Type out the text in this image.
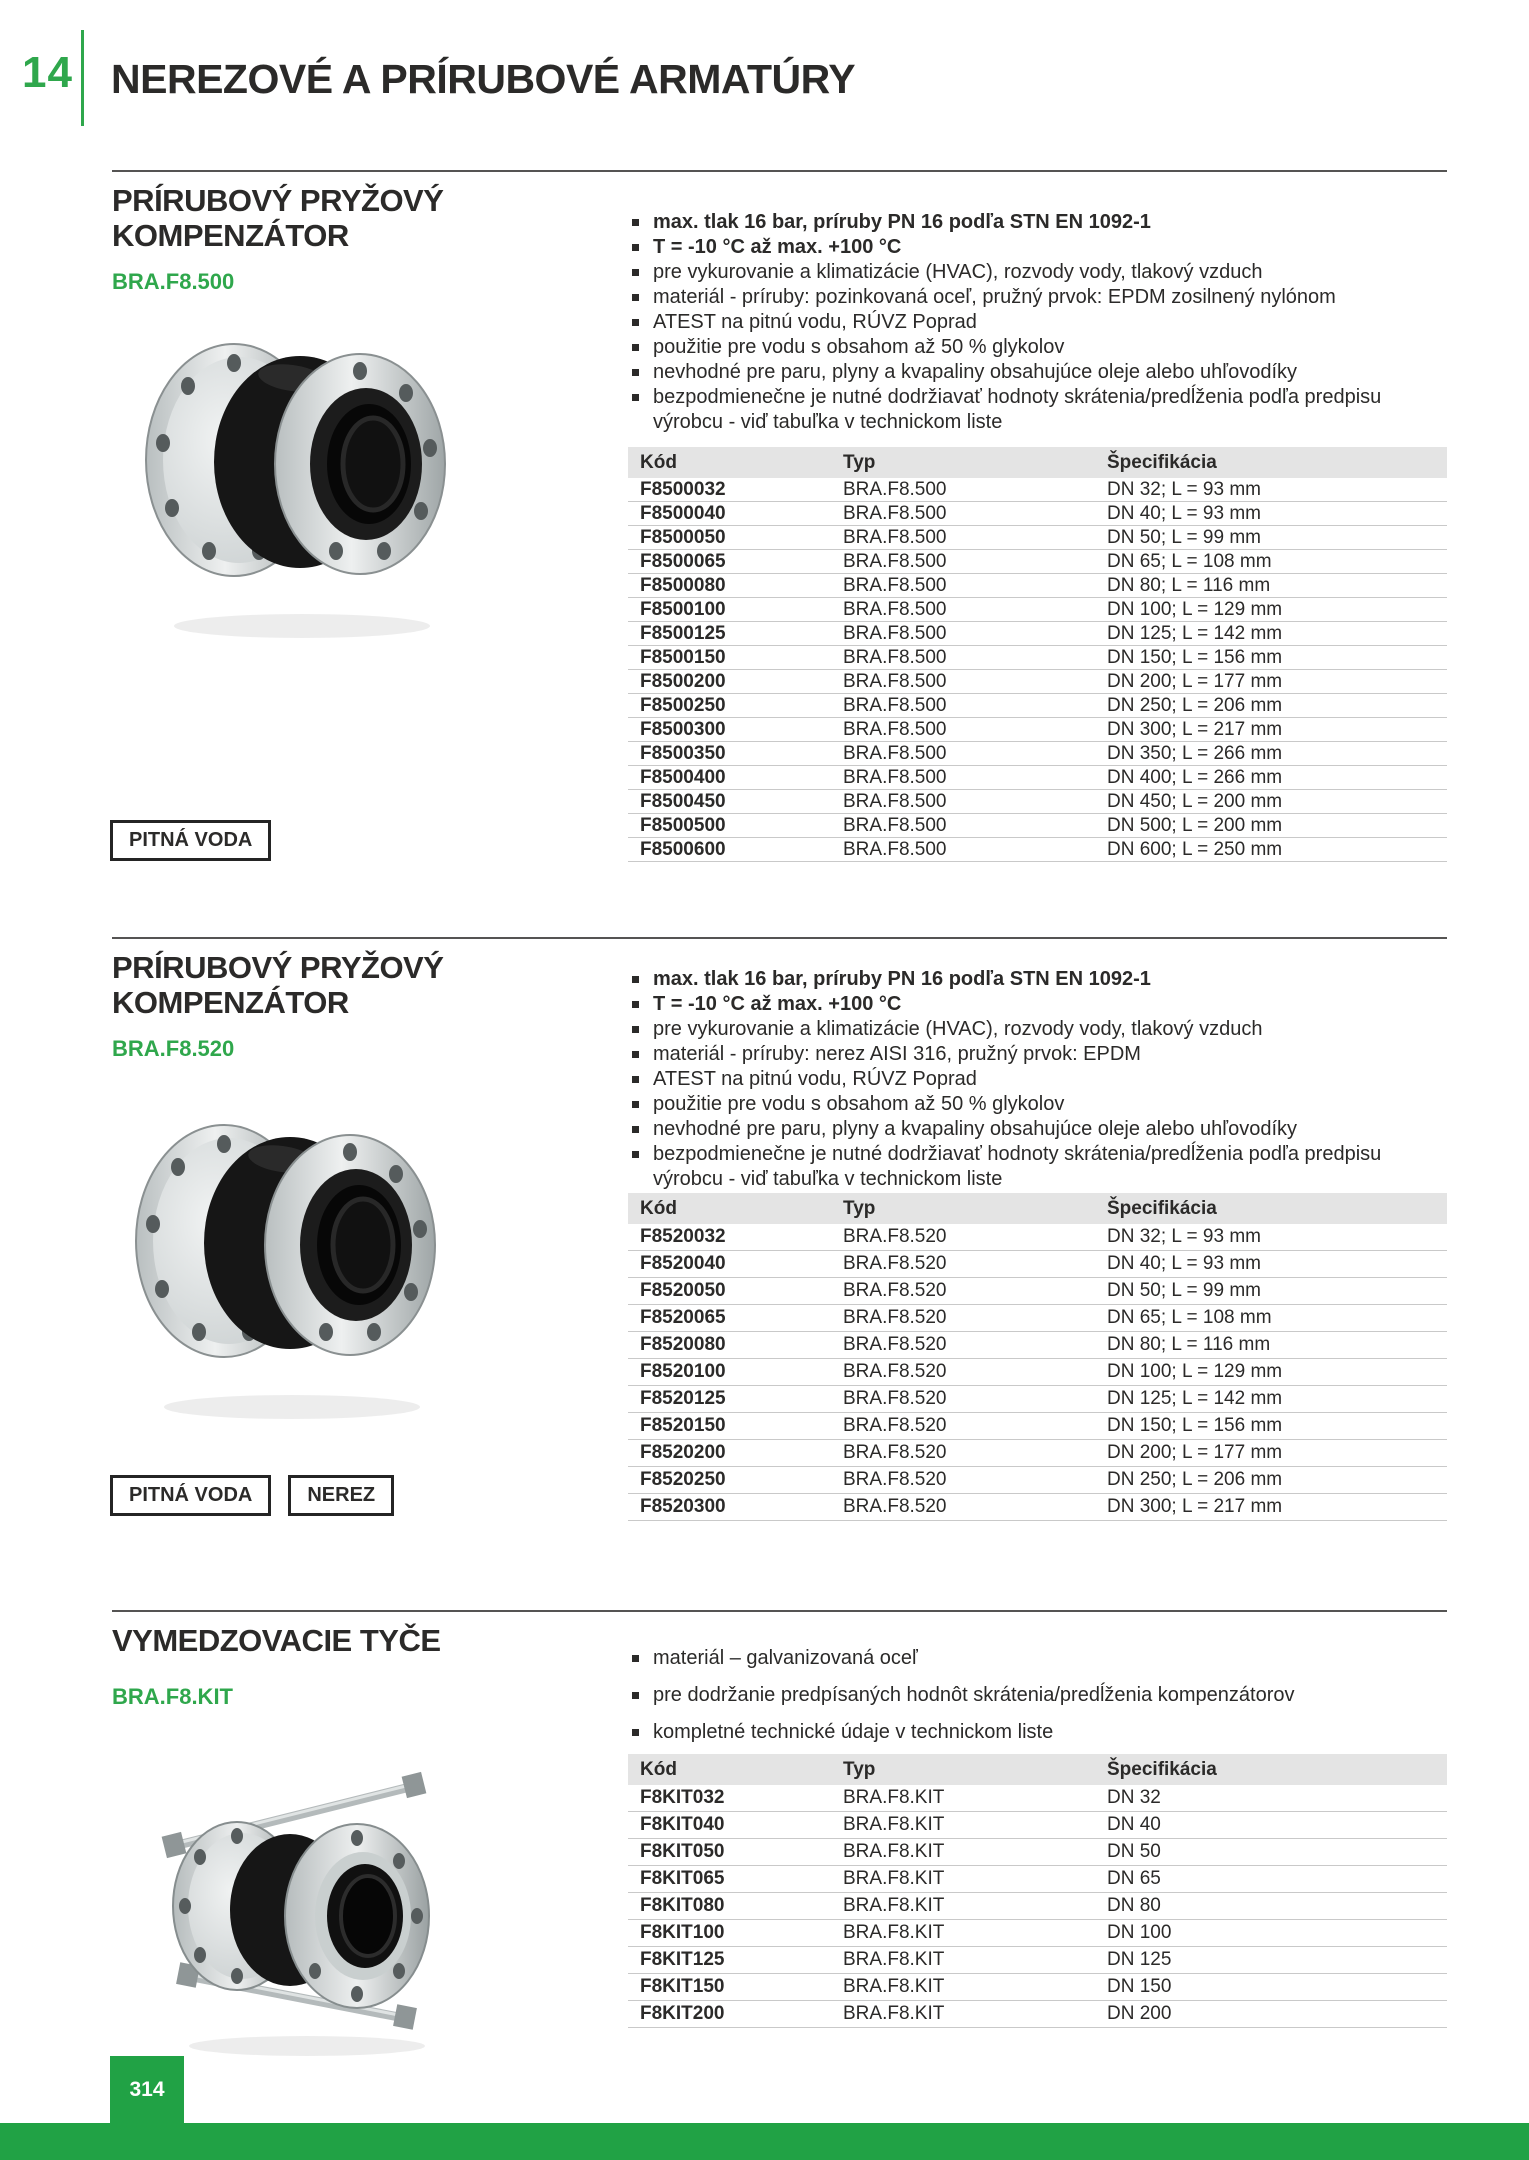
14 NEREZOVÉ A PRÍRUBOVÉ ARMATÚRY
PRÍRUBOVÝ PRYŽOVÝ
KOMPENZÁTOR
BRA.F8.500
max. tlak 16 bar, príruby PN 16 podľa STN EN 1092-1
T = -10 °C až max. +100 °C
pre vykurovanie a klimatizácie (HVAC), rozvody vody, tlakový vzduch
materiál - príruby: pozinkovaná oceľ, pružný prvok: EPDM zosilnený nylónom
ATEST na pitnú vodu, RÚVZ Poprad
použitie pre vodu s obsahom až 50 % glykolov
nevhodné pre paru, plyny a kvapaliny obsahujúce oleje alebo uhľovodíky
bezpodmienečne je nutné dodržiavať hodnoty skrátenia/predĺženia podľa predpisu výrobcu - viď tabuľka v technickom liste
Kód	Typ	Špecifikácia
F8500032	BRA.F8.500	DN 32; L = 93 mm
F8500040	BRA.F8.500	DN 40; L = 93 mm
F8500050	BRA.F8.500	DN 50; L = 99 mm
F8500065	BRA.F8.500	DN 65; L = 108 mm
F8500080	BRA.F8.500	DN 80; L = 116 mm
F8500100	BRA.F8.500	DN 100; L = 129 mm
F8500125	BRA.F8.500	DN 125; L = 142 mm
F8500150	BRA.F8.500	DN 150; L = 156 mm
F8500200	BRA.F8.500	DN 200; L = 177 mm
F8500250	BRA.F8.500	DN 250; L = 206 mm
F8500300	BRA.F8.500	DN 300; L = 217 mm
F8500350	BRA.F8.500	DN 350; L = 266 mm
F8500400	BRA.F8.500	DN 400; L = 266 mm
F8500450	BRA.F8.500	DN 450; L = 200 mm
F8500500	BRA.F8.500	DN 500; L = 200 mm
F8500600	BRA.F8.500	DN 600; L = 250 mm
PITNÁ VODA
PRÍRUBOVÝ PRYŽOVÝ
KOMPENZÁTOR
BRA.F8.520
max. tlak 16 bar, príruby PN 16 podľa STN EN 1092-1
T = -10 °C až max. +100 °C
pre vykurovanie a klimatizácie (HVAC), rozvody vody, tlakový vzduch
materiál - príruby: nerez AISI 316, pružný prvok: EPDM
ATEST na pitnú vodu, RÚVZ Poprad
použitie pre vodu s obsahom až 50 % glykolov
nevhodné pre paru, plyny a kvapaliny obsahujúce oleje alebo uhľovodíky
bezpodmienečne je nutné dodržiavať hodnoty skrátenia/predĺženia podľa predpisu výrobcu - viď tabuľka v technickom liste
Kód	Typ	Špecifikácia
F8520032	BRA.F8.520	DN 32; L = 93 mm
F8520040	BRA.F8.520	DN 40; L = 93 mm
F8520050	BRA.F8.520	DN 50; L = 99 mm
F8520065	BRA.F8.520	DN 65; L = 108 mm
F8520080	BRA.F8.520	DN 80; L = 116 mm
F8520100	BRA.F8.520	DN 100; L = 129 mm
F8520125	BRA.F8.520	DN 125; L = 142 mm
F8520150	BRA.F8.520	DN 150; L = 156 mm
F8520200	BRA.F8.520	DN 200; L = 177 mm
F8520250	BRA.F8.520	DN 250; L = 206 mm
F8520300	BRA.F8.520	DN 300; L = 217 mm
PITNÁ VODA	NEREZ
VYMEDZOVACIE TYČE
BRA.F8.KIT
materiál – galvanizovaná oceľ
pre dodržanie predpísaných hodnôt skrátenia/predĺženia kompenzátorov
kompletné technické údaje v technickom liste
Kód	Typ	Špecifikácia
F8KIT032	BRA.F8.KIT	DN 32
F8KIT040	BRA.F8.KIT	DN 40
F8KIT050	BRA.F8.KIT	DN 50
F8KIT065	BRA.F8.KIT	DN 65
F8KIT080	BRA.F8.KIT	DN 80
F8KIT100	BRA.F8.KIT	DN 100
F8KIT125	BRA.F8.KIT	DN 125
F8KIT150	BRA.F8.KIT	DN 150
F8KIT200	BRA.F8.KIT	DN 200
314
